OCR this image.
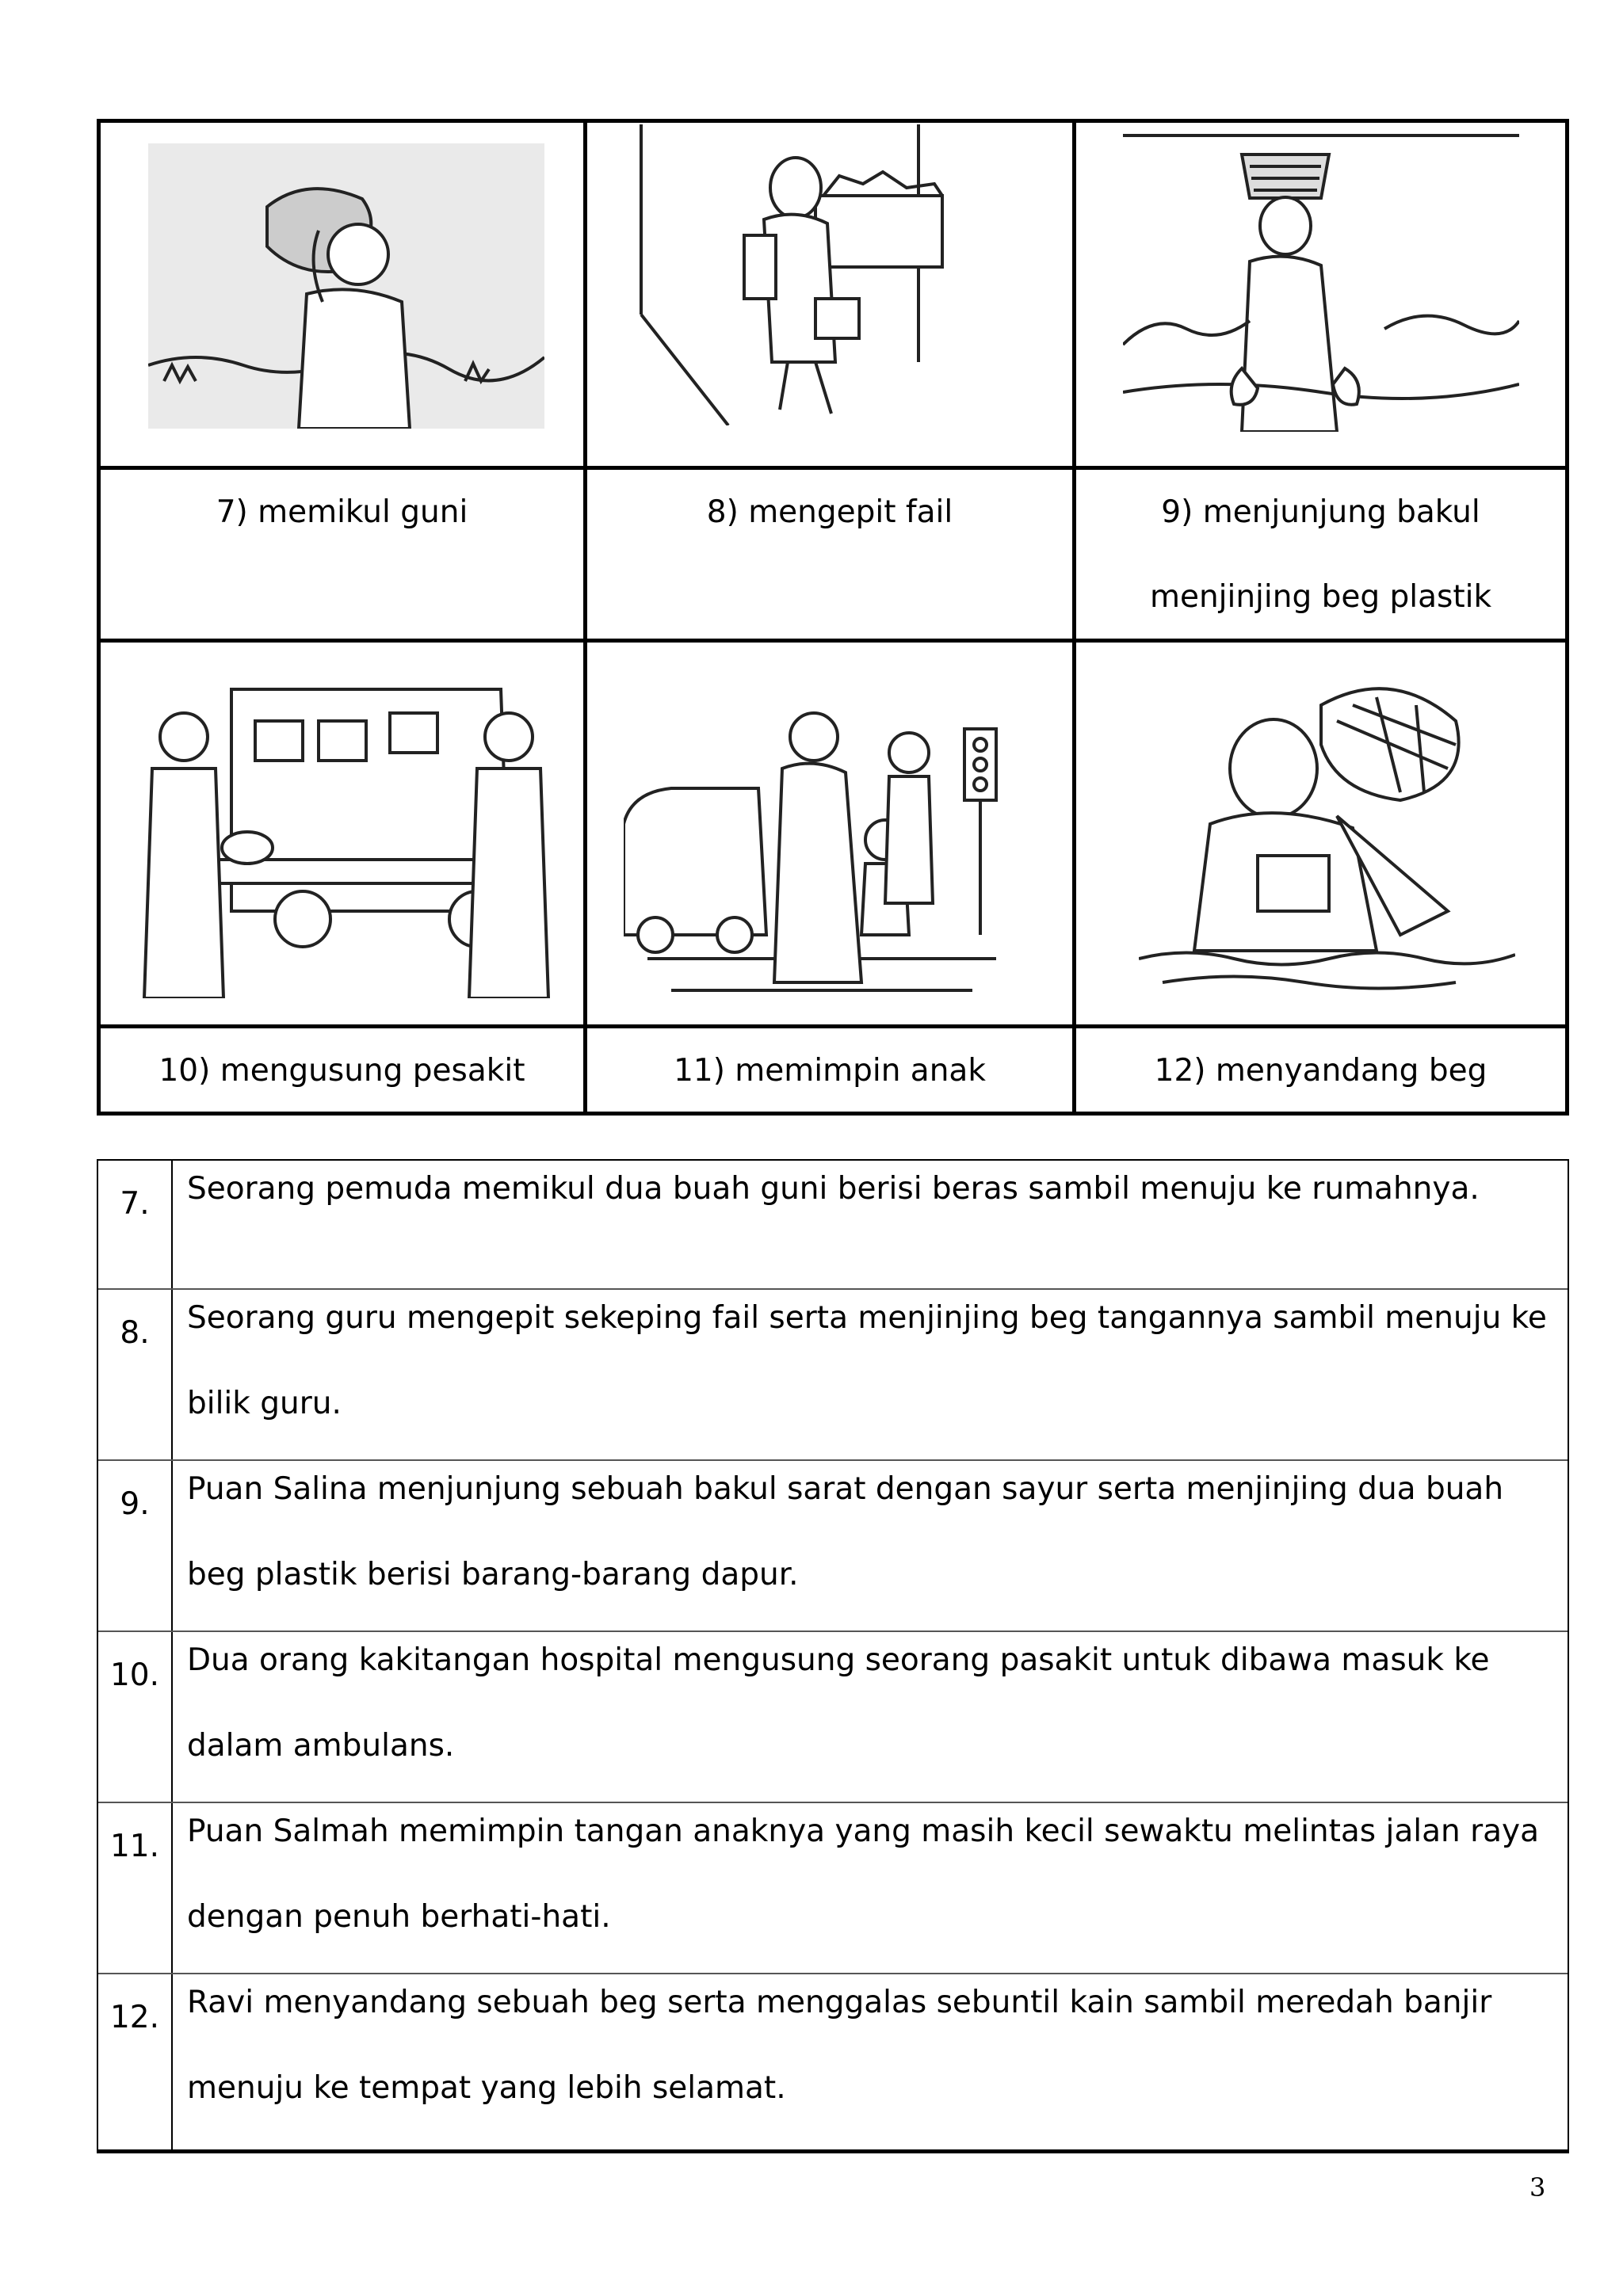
7) memikul guni	8) mengepit fail	9) menjunjung bakul
menjinjing beg plastik
10) mengusung pesakit	11) memimpin anak	12) menyandang beg
7.	Seorang pemuda memikul dua buah guni berisi beras sambil menuju ke rumahnya.
8.	Seorang guru mengepit sekeping fail serta menjinjing beg tangannya sambil menuju ke bilik guru.
9.	Puan Salina menjunjung sebuah bakul sarat dengan sayur serta menjinjing dua buah beg plastik berisi barang-barang dapur.
10. Dua orang kakitangan hospital mengusung seorang pasakit untuk dibawa masuk ke dalam ambulans.
11. Puan Salmah memimpin tangan anaknya yang masih kecil sewaktu melintas jalan raya dengan penuh berhati-hati.
12. Ravi menyandang sebuah beg serta menggalas sebuntil kain sambil meredah banjir menuju ke tempat yang lebih selamat.
3
